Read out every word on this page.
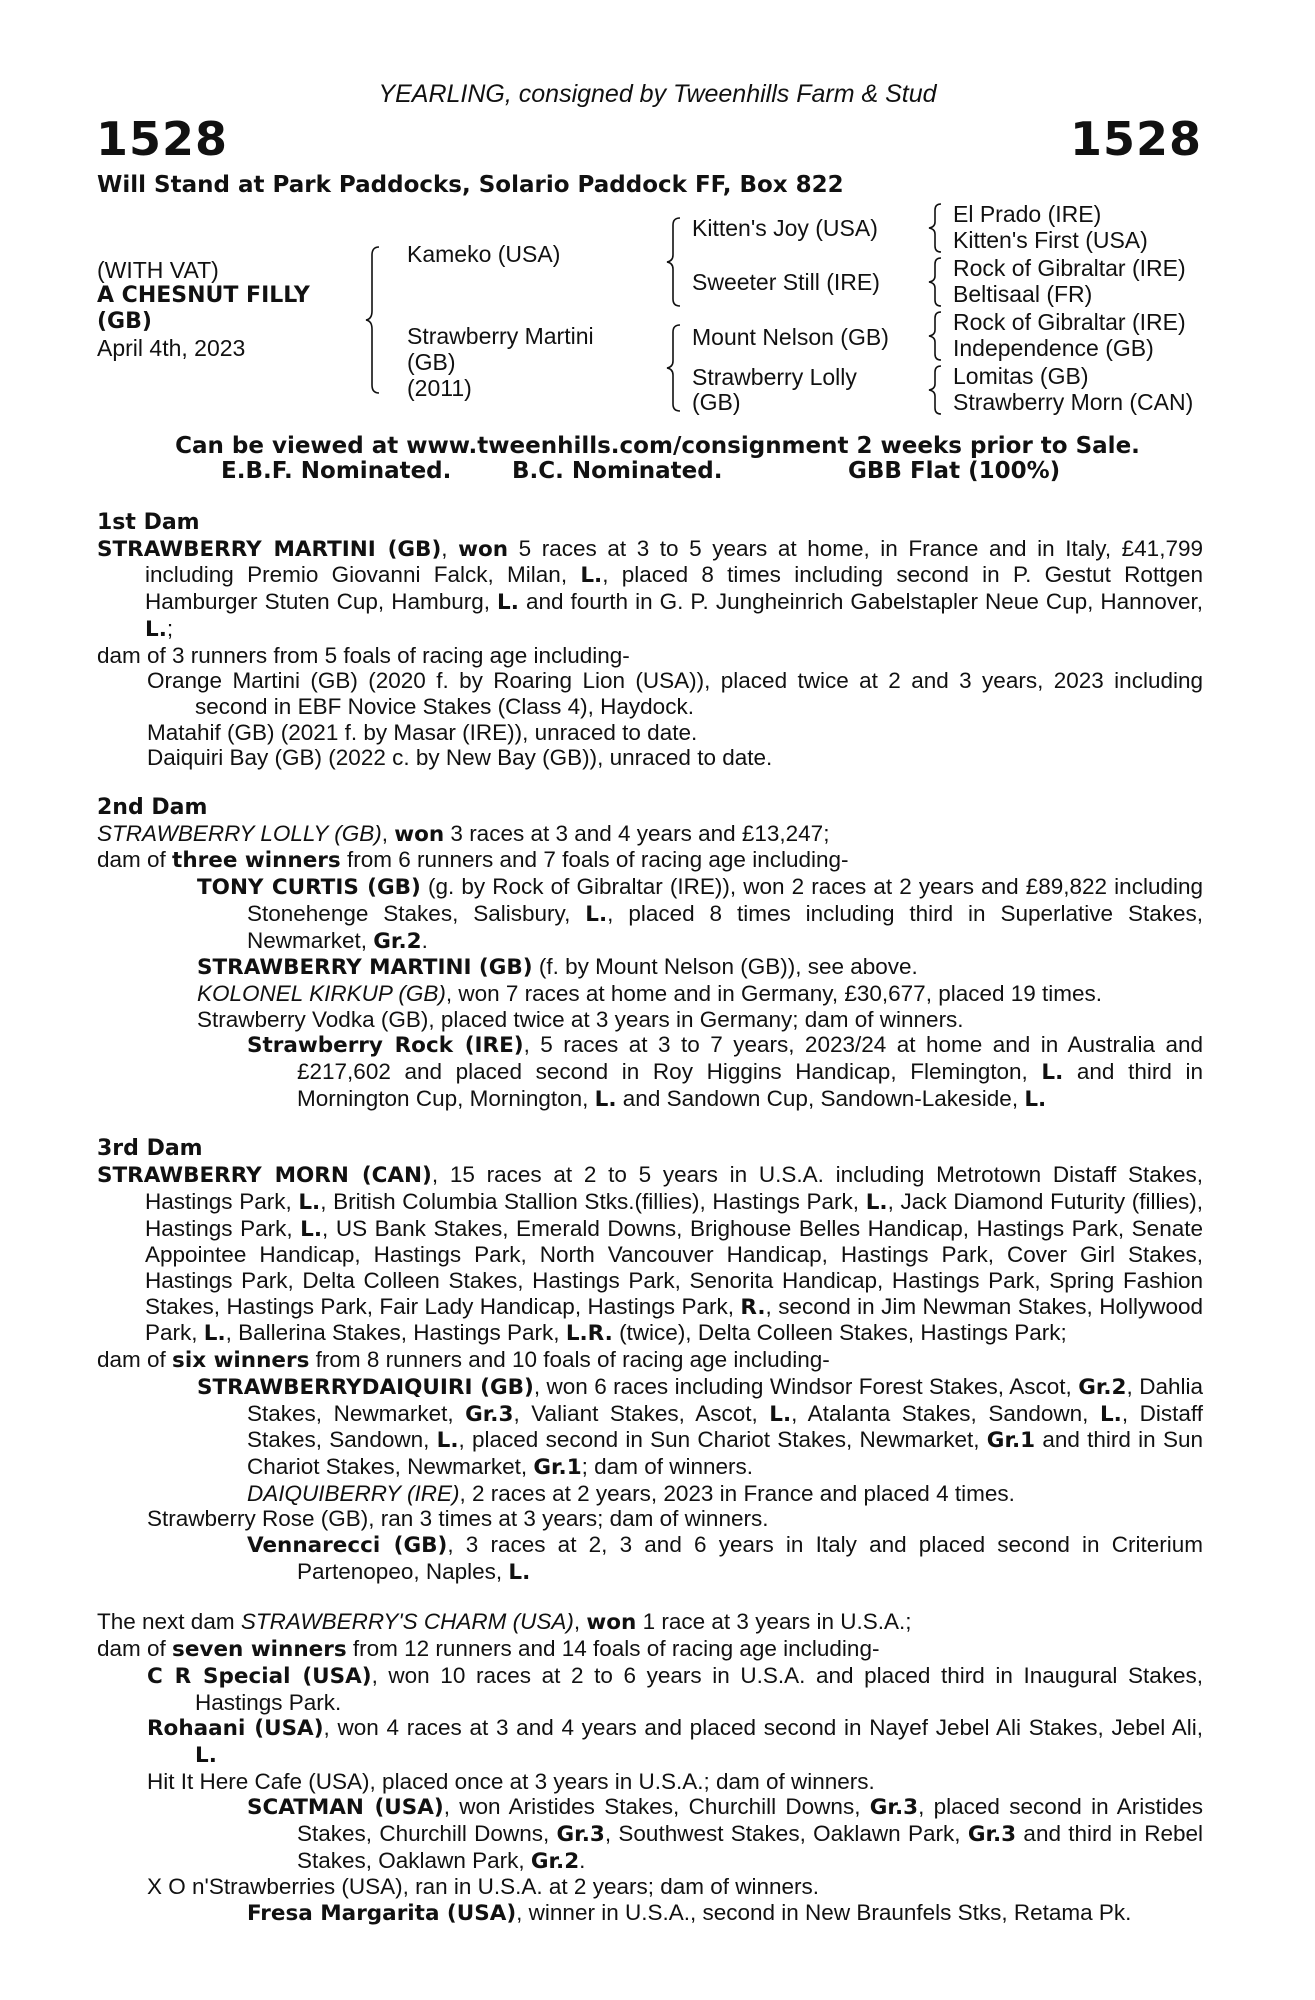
YEARLING, consigned by Tweenhills Farm & Stud
1528	1528
Will Stand at Park Paddocks, Solario Paddock FF, Box 822
(WITH VAT)
A CHESNUT FILLY
(GB)
April 4th, 2023
Kameko (USA)
Strawberry Martini
(GB)
(2011)
Kitten's Joy (USA)
Sweeter Still (IRE)
Mount Nelson (GB)
Strawberry Lolly
(GB)
El Prado (IRE)
Kitten's First (USA)
Rock of Gibraltar (IRE)
Beltisaal (FR)
Rock of Gibraltar (IRE)
Independence (GB)
Lomitas (GB)
Strawberry Morn (CAN)
Can be viewed at www.tweenhills.com/consignment 2 weeks prior to Sale.
E.B.F. Nominated.	B.C. Nominated.	GBB Flat (100%)
1st Dam
STRAWBERRY MARTINI (GB), won 5 races at 3 to 5 years at home, in France and in Italy, £41,799 including Premio Giovanni Falck, Milan, L., placed 8 times including second in P. Gestut Rottgen Hamburger Stuten Cup, Hamburg, L. and fourth in G. P. Jungheinrich Gabelstapler Neue Cup, Hannover, L.;
dam of 3 runners from 5 foals of racing age including-
Orange Martini (GB) (2020 f. by Roaring Lion (USA)), placed twice at 2 and 3 years, 2023 including second in EBF Novice Stakes (Class 4), Haydock.
Matahif (GB) (2021 f. by Masar (IRE)), unraced to date.
Daiquiri Bay (GB) (2022 c. by New Bay (GB)), unraced to date.
2nd Dam
STRAWBERRY LOLLY (GB), won 3 races at 3 and 4 years and £13,247;
dam of three winners from 6 runners and 7 foals of racing age including-
TONY CURTIS (GB) (g. by Rock of Gibraltar (IRE)), won 2 races at 2 years and £89,822 including Stonehenge Stakes, Salisbury, L., placed 8 times including third in Superlative Stakes, Newmarket, Gr.2.
STRAWBERRY MARTINI (GB) (f. by Mount Nelson (GB)), see above.
KOLONEL KIRKUP (GB), won 7 races at home and in Germany, £30,677, placed 19 times.
Strawberry Vodka (GB), placed twice at 3 years in Germany; dam of winners.
Strawberry Rock (IRE), 5 races at 3 to 7 years, 2023/24 at home and in Australia and £217,602 and placed second in Roy Higgins Handicap, Flemington, L. and third in Mornington Cup, Mornington, L. and Sandown Cup, Sandown-Lakeside, L.
3rd Dam
STRAWBERRY MORN (CAN), 15 races at 2 to 5 years in U.S.A. including Metrotown Distaff Stakes, Hastings Park, L., British Columbia Stallion Stks.(fillies), Hastings Park, L., Jack Diamond Futurity (fillies), Hastings Park, L., US Bank Stakes, Emerald Downs, Brighouse Belles Handicap, Hastings Park, Senate Appointee Handicap, Hastings Park, North Vancouver Handicap, Hastings Park, Cover Girl Stakes, Hastings Park, Delta Colleen Stakes, Hastings Park, Senorita Handicap, Hastings Park, Spring Fashion Stakes, Hastings Park, Fair Lady Handicap, Hastings Park, R., second in Jim Newman Stakes, Hollywood Park, L., Ballerina Stakes, Hastings Park, L.R. (twice), Delta Colleen Stakes, Hastings Park;
dam of six winners from 8 runners and 10 foals of racing age including-
STRAWBERRYDAIQUIRI (GB), won 6 races including Windsor Forest Stakes, Ascot, Gr.2, Dahlia Stakes, Newmarket, Gr.3, Valiant Stakes, Ascot, L., Atalanta Stakes, Sandown, L., Distaff Stakes, Sandown, L., placed second in Sun Chariot Stakes, Newmarket, Gr.1 and third in Sun Chariot Stakes, Newmarket, Gr.1; dam of winners.
DAIQUIBERRY (IRE), 2 races at 2 years, 2023 in France and placed 4 times.
Strawberry Rose (GB), ran 3 times at 3 years; dam of winners.
Vennarecci (GB), 3 races at 2, 3 and 6 years in Italy and placed second in Criterium Partenopeo, Naples, L.
The next dam STRAWBERRY'S CHARM (USA), won 1 race at 3 years in U.S.A.;
dam of seven winners from 12 runners and 14 foals of racing age including-
C R Special (USA), won 10 races at 2 to 6 years in U.S.A. and placed third in Inaugural Stakes, Hastings Park.
Rohaani (USA), won 4 races at 3 and 4 years and placed second in Nayef Jebel Ali Stakes, Jebel Ali, L.
Hit It Here Cafe (USA), placed once at 3 years in U.S.A.; dam of winners.
SCATMAN (USA), won Aristides Stakes, Churchill Downs, Gr.3, placed second in Aristides Stakes, Churchill Downs, Gr.3, Southwest Stakes, Oaklawn Park, Gr.3 and third in Rebel Stakes, Oaklawn Park, Gr.2.
X O n'Strawberries (USA), ran in U.S.A. at 2 years; dam of winners.
Fresa Margarita (USA), winner in U.S.A., second in New Braunfels Stks, Retama Pk.
